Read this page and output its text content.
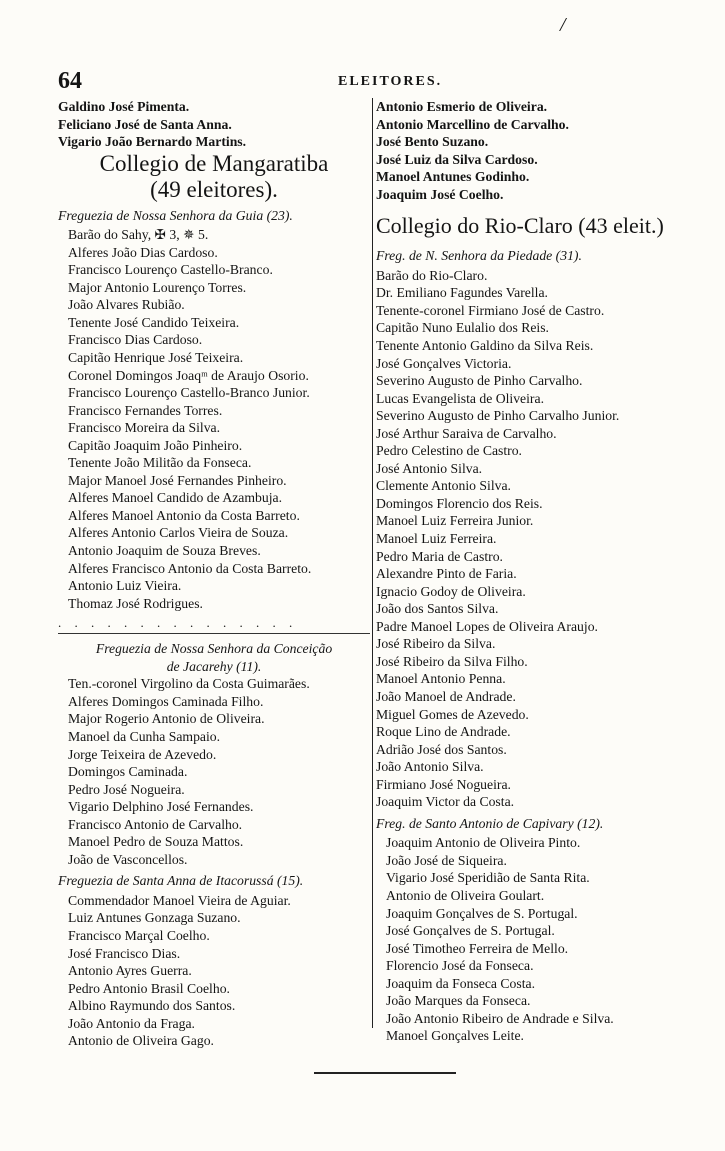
/
64	ELEITORES.
Galdino José Pimenta.
Feliciano José de Santa Anna.
Vigario João Bernardo Martins.
Collegio de Mangaratiba
(49 eleitores).
Freguezia de Nossa Senhora da Guia (23).
Barão do Sahy, ✠ 3, ✵ 5.
Alferes João Dias Cardoso.
Francisco Lourenço Castello-Branco.
Major Antonio Lourenço Torres.
João Alvares Rubião.
Tenente José Candido Teixeira.
Francisco Dias Cardoso.
Capitão Henrique José Teixeira.
Coronel Domingos Joaqᵐ de Araujo Osorio.
Francisco Lourenço Castello-Branco Junior.
Francisco Fernandes Torres.
Francisco Moreira da Silva.
Capitão Joaquim João Pinheiro.
Tenente João Militão da Fonseca.
Major Manoel José Fernandes Pinheiro.
Alferes Manoel Candido de Azambuja.
Alferes Manoel Antonio da Costa Barreto.
Alferes Antonio Carlos Vieira de Souza.
Antonio Joaquim de Souza Breves.
Alferes Francisco Antonio da Costa Barreto.
Antonio Luiz Vieira.
Thomaz José Rodrigues.
. . . . . . . . . . . . . . .
Freguezia de Nossa Senhora da Conceição
de Jacarehy (11).
Ten.-coronel Virgolino da Costa Guimarães.
Alferes Domingos Caminada Filho.
Major Rogerio Antonio de Oliveira.
Manoel da Cunha Sampaio.
Jorge Teixeira de Azevedo.
Domingos Caminada.
Pedro José Nogueira.
Vigario Delphino José Fernandes.
Francisco Antonio de Carvalho.
Manoel Pedro de Souza Mattos.
João de Vasconcellos.
Freguezia de Santa Anna de Itacorussá (15).
Commendador Manoel Vieira de Aguiar.
Luiz Antunes Gonzaga Suzano.
Francisco Marçal Coelho.
José Francisco Dias.
Antonio Ayres Guerra.
Pedro Antonio Brasil Coelho.
Albino Raymundo dos Santos.
João Antonio da Fraga.
Antonio de Oliveira Gago.
Antonio Esmerio de Oliveira.
Antonio Marcellino de Carvalho.
José Bento Suzano.
José Luiz da Silva Cardoso.
Manoel Antunes Godinho.
Joaquim José Coelho.
Collegio do Rio-Claro (43 eleit.)
Freg. de N. Senhora da Piedade (31).
Barão do Rio-Claro.
Dr. Emiliano Fagundes Varella.
Tenente-coronel Firmiano José de Castro.
Capitão Nuno Eulalio dos Reis.
Tenente Antonio Galdino da Silva Reis.
José Gonçalves Victoria.
Severino Augusto de Pinho Carvalho.
Lucas Evangelista de Oliveira.
Severino Augusto de Pinho Carvalho Junior.
José Arthur Saraiva de Carvalho.
Pedro Celestino de Castro.
José Antonio Silva.
Clemente Antonio Silva.
Domingos Florencio dos Reis.
Manoel Luiz Ferreira Junior.
Manoel Luiz Ferreira.
Pedro Maria de Castro.
Alexandre Pinto de Faria.
Ignacio Godoy de Oliveira.
João dos Santos Silva.
Padre Manoel Lopes de Oliveira Araujo.
José Ribeiro da Silva.
José Ribeiro da Silva Filho.
Manoel Antonio Penna.
João Manoel de Andrade.
Miguel Gomes de Azevedo.
Roque Lino de Andrade.
Adrião José dos Santos.
João Antonio Silva.
Firmiano José Nogueira.
Joaquim Victor da Costa.
Freg. de Santo Antonio de Capivary (12).
Joaquim Antonio de Oliveira Pinto.
João José de Siqueira.
Vigario José Speridião de Santa Rita.
Antonio de Oliveira Goulart.
Joaquim Gonçalves de S. Portugal.
José Gonçalves de S. Portugal.
José Timotheo Ferreira de Mello.
Florencio José da Fonseca.
Joaquim da Fonseca Costa.
João Marques da Fonseca.
João Antonio Ribeiro de Andrade e Silva.
Manoel Gonçalves Leite.
